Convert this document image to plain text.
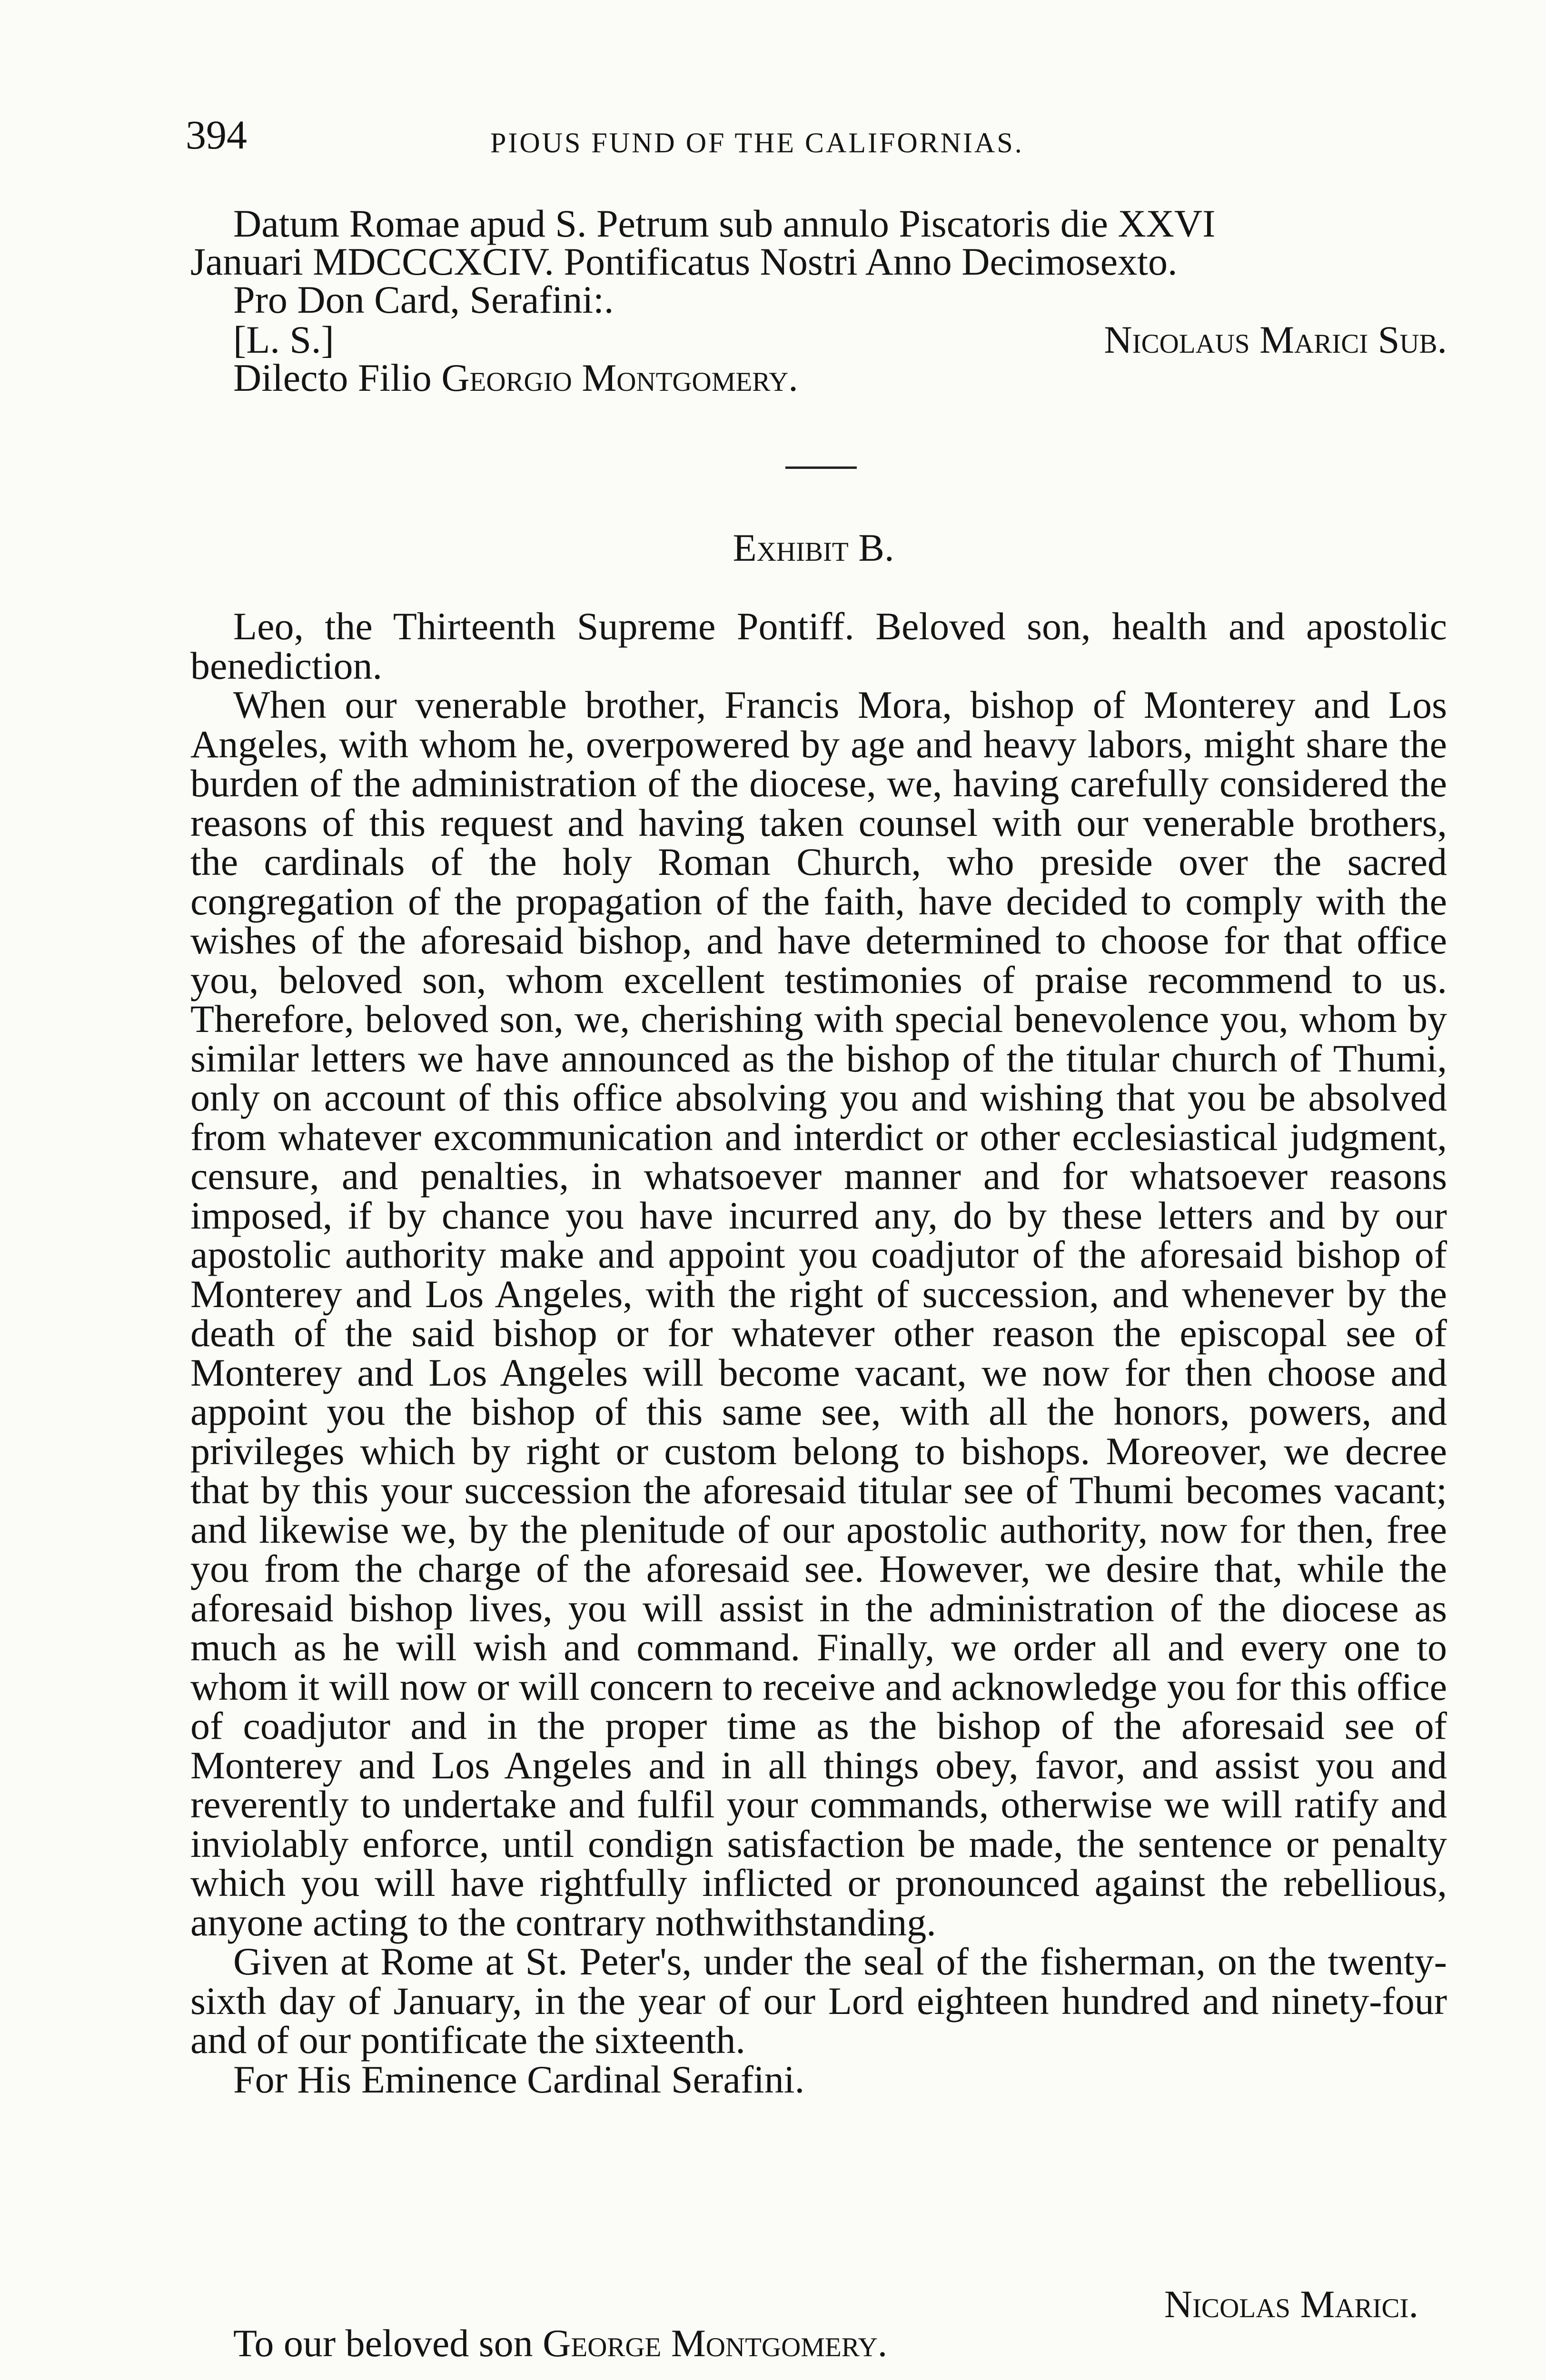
394	PIOUS FUND OF THE CALIFORNIAS.
Datum Romae apud S. Petrum sub annulo Piscatoris die XXVI
Januari MDCCCXCIV. Pontificatus Nostri Anno Decimosexto.
Pro Don Card, Serafini:.
[L. S.]	Nicolaus Marici Sub.
Dilecto Filio Georgio Montgomery.
Exhibit B.

Leo, the Thirteenth Supreme Pontiff. Beloved son, health and apostolic benediction.

When our venerable brother, Francis Mora, bishop of Monterey and Los Angeles, with whom he, overpowered by age and heavy labors, might share the burden of the administration of the diocese, we, having carefully considered the reasons of this request and having taken counsel with our venerable brothers, the cardinals of the holy Roman Church, who preside over the sacred congregation of the propagation of the faith, have decided to comply with the wishes of the aforesaid bishop, and have determined to choose for that office you, beloved son, whom excellent testimonies of praise recommend to us. Therefore, beloved son, we, cherishing with special benevolence you, whom by similar letters we have announced as the bishop of the titular church of Thumi, only on account of this office absolving you and wishing that you be absolved from whatever excommunication and interdict or other ecclesiastical judgment, censure, and penalties, in whatsoever manner and for whatsoever reasons imposed, if by chance you have incurred any, do by these letters and by our apostolic authority make and appoint you coadjutor of the aforesaid bishop of Monterey and Los Angeles, with the right of succession, and whenever by the death of the said bishop or for whatever other reason the episcopal see of Monterey and Los Angeles will become vacant, we now for then choose and appoint you the bishop of this same see, with all the honors, powers, and privileges which by right or custom belong to bishops. Moreover, we decree that by this your succession the aforesaid titular see of Thumi becomes vacant; and likewise we, by the plenitude of our apostolic authority, now for then, free you from the charge of the aforesaid see. However, we desire that, while the aforesaid bishop lives, you will assist in the administration of the diocese as much as he will wish and command. Finally, we order all and every one to whom it will now or will concern to receive and acknowledge you for this office of coadjutor and in the proper time as the bishop of the aforesaid see of Monterey and Los Angeles and in all things obey, favor, and assist you and reverently to undertake and fulfil your commands, otherwise we will ratify and inviolably enforce, until condign satisfaction be made, the sentence or penalty which you will have rightfully inflicted or pronounced against the rebellious, anyone acting to the contrary nothwithstanding.

Given at Rome at St. Peter's, under the seal of the fisherman, on the twenty-sixth day of January, in the year of our Lord eighteen hundred and ninety-four and of our pontificate the sixteenth.

For His Eminence Cardinal Serafini.

Nicolas Marici.
To our beloved son George Montgomery.
